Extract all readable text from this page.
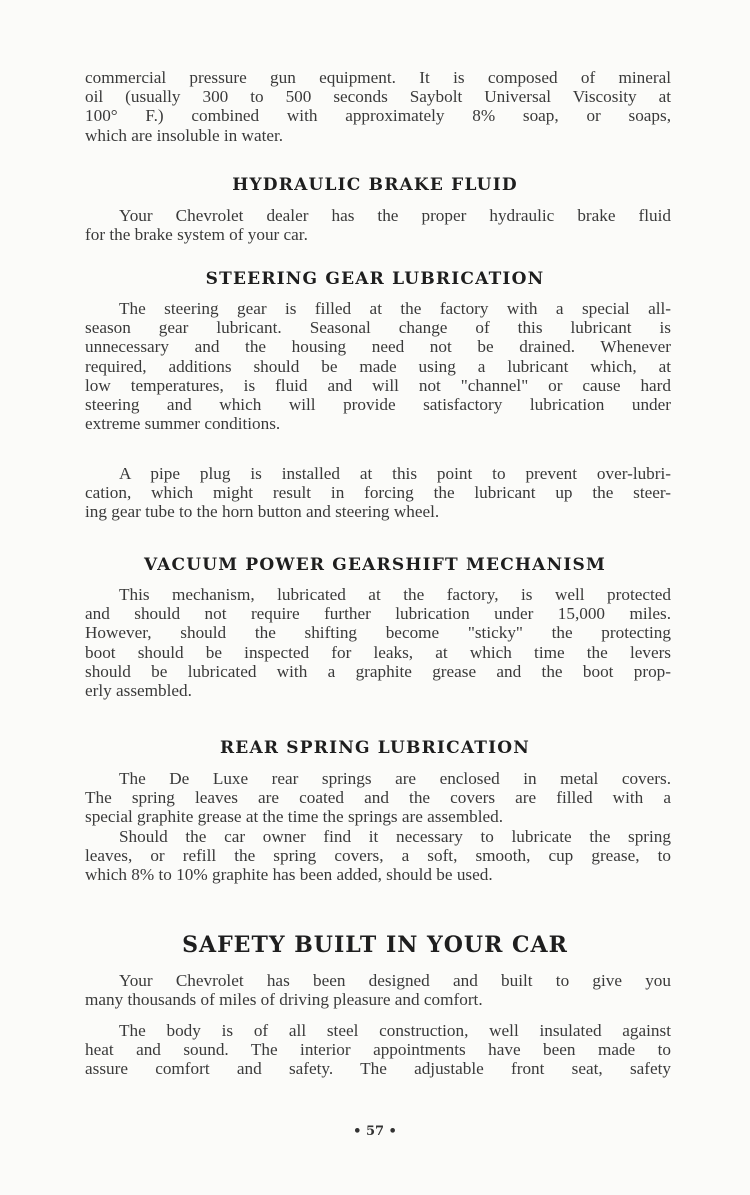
commercial pressure gun equipment. It is composed of mineral
oil (usually 300 to 500 seconds Saybolt Universal Viscosity at
100° F.) combined with approximately 8% soap, or soaps,
which are insoluble in water.
HYDRAULIC BRAKE FLUID
Your Chevrolet dealer has the proper hydraulic brake fluid
for the brake system of your car.
STEERING GEAR LUBRICATION
The steering gear is filled at the factory with a special all-
season gear lubricant. Seasonal change of this lubricant is
unnecessary and the housing need not be drained. Whenever
required, additions should be made using a lubricant which, at
low temperatures, is fluid and will not "channel" or cause hard
steering and which will provide satisfactory lubrication under
extreme summer conditions.
A pipe plug is installed at this point to prevent over-lubri-
cation, which might result in forcing the lubricant up the steer-
ing gear tube to the horn button and steering wheel.
VACUUM POWER GEARSHIFT MECHANISM
This mechanism, lubricated at the factory, is well protected
and should not require further lubrication under 15,000 miles.
However, should the shifting become "sticky" the protecting
boot should be inspected for leaks, at which time the levers
should be lubricated with a graphite grease and the boot prop-
erly assembled.
REAR SPRING LUBRICATION
The De Luxe rear springs are enclosed in metal covers.
The spring leaves are coated and the covers are filled with a
special graphite grease at the time the springs are assembled.
Should the car owner find it necessary to lubricate the spring
leaves, or refill the spring covers, a soft, smooth, cup grease, to
which 8% to 10% graphite has been added, should be used.
SAFETY BUILT IN YOUR CAR
Your Chevrolet has been designed and built to give you
many thousands of miles of driving pleasure and comfort.
The body is of all steel construction, well insulated against
heat and sound. The interior appointments have been made to
assure comfort and safety. The adjustable front seat, safety
• 57 •
